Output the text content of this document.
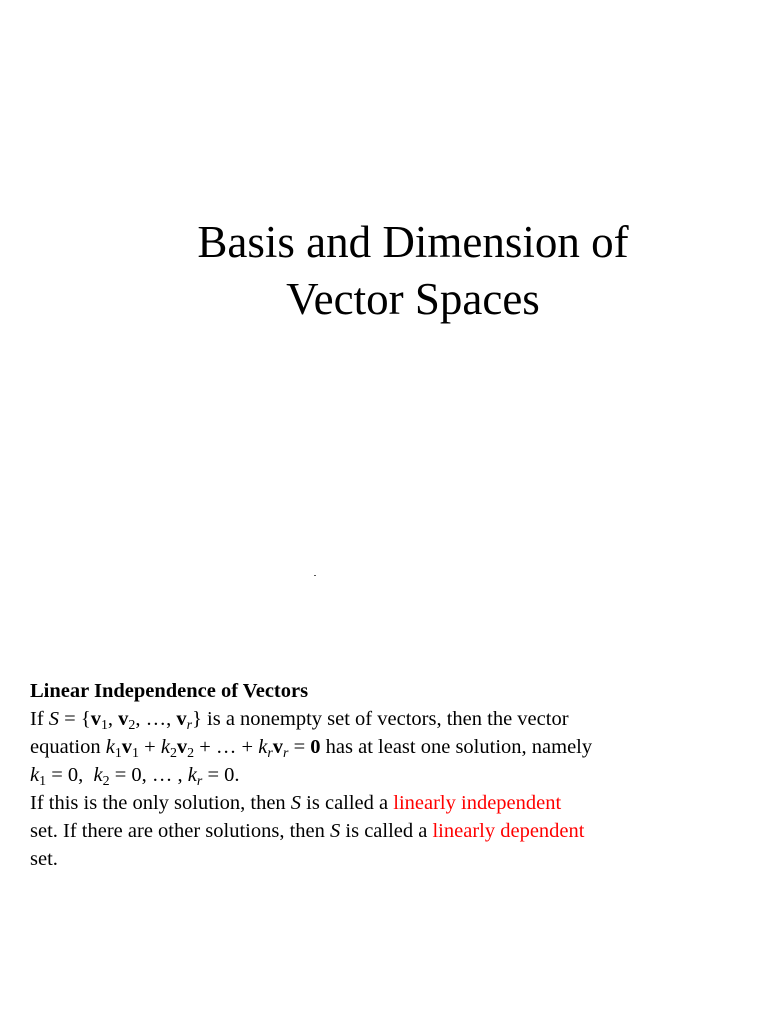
Basis and Dimension of
Vector Spaces
Linear Independence of Vectors
If $S = \{v_1$, $v_2$, …, $v_r$} is a nonempty set of vectors, then the vector
equation $k_1v_1 + k_2v_2$ + … + $k_rv_r = 0$ has at least one solution, namely
$k_1 = 0$,  $k_2 = 0$, … , $k_r = 0$.
If this is the only solution, then S is called a linearly independent
set. If there are other solutions, then S is called a linearly dependent
set.
